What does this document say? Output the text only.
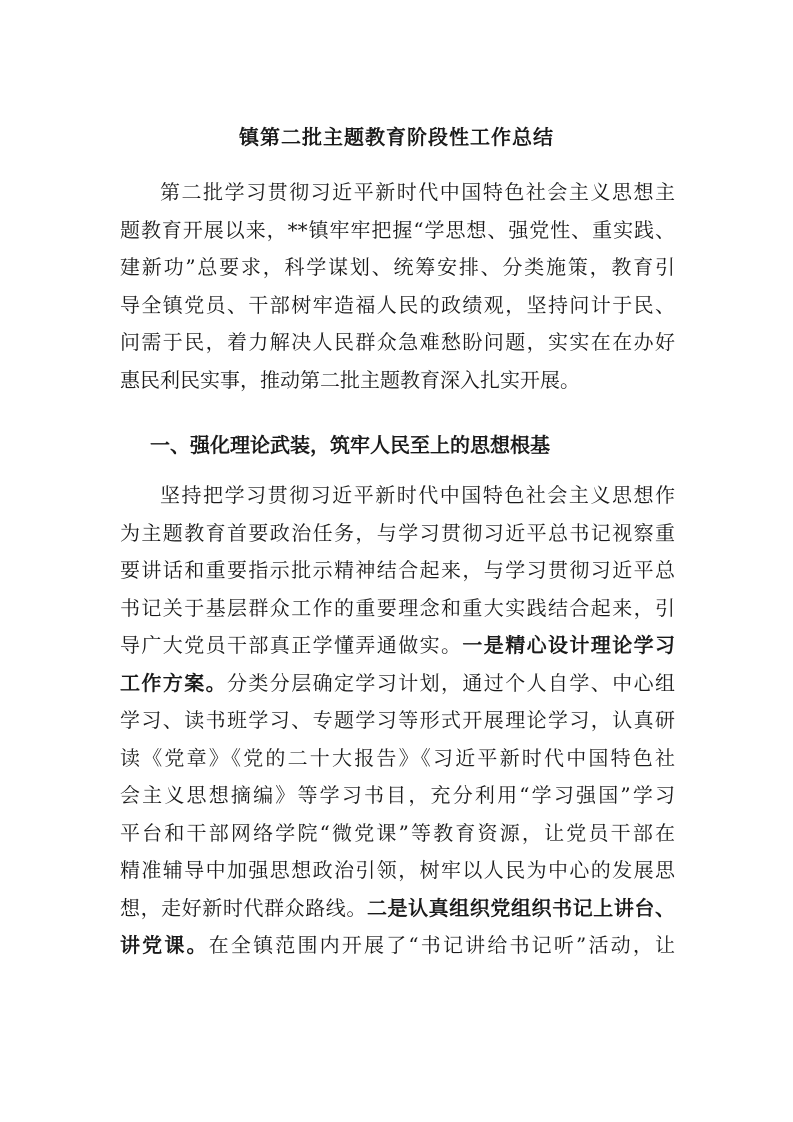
镇第二批主题教育阶段性工作总结
第二批学习贯彻习近平新时代中国特色社会主义思想主
题教育开展以来，**镇牢牢把握“学思想、强党性、重实践、
建新功”总要求，科学谋划、统筹安排、分类施策，教育引
导全镇党员、干部树牢造福人民的政绩观，坚持问计于民、
问需于民，着力解决人民群众急难愁盼问题，实实在在办好
惠民利民实事，推动第二批主题教育深入扎实开展。
一、强化理论武装，筑牢人民至上的思想根基
坚持把学习贯彻习近平新时代中国特色社会主义思想作
为主题教育首要政治任务，与学习贯彻习近平总书记视察重
要讲话和重要指示批示精神结合起来，与学习贯彻习近平总
书记关于基层群众工作的重要理念和重大实践结合起来，引
导广大党员干部真正学懂弄通做实。一是精心设计理论学习
工作方案。分类分层确定学习计划，通过个人自学、中心组
学习、读书班学习、专题学习等形式开展理论学习，认真研
读《党章》《党的二十大报告》《习近平新时代中国特色社
会主义思想摘编》等学习书目，充分利用“学习强国”学习
平台和干部网络学院“微党课”等教育资源，让党员干部在
精准辅导中加强思想政治引领，树牢以人民为中心的发展思
想，走好新时代群众路线。二是认真组织党组织书记上讲台、
讲党课。在全镇范围内开展了“书记讲给书记听”活动，让
